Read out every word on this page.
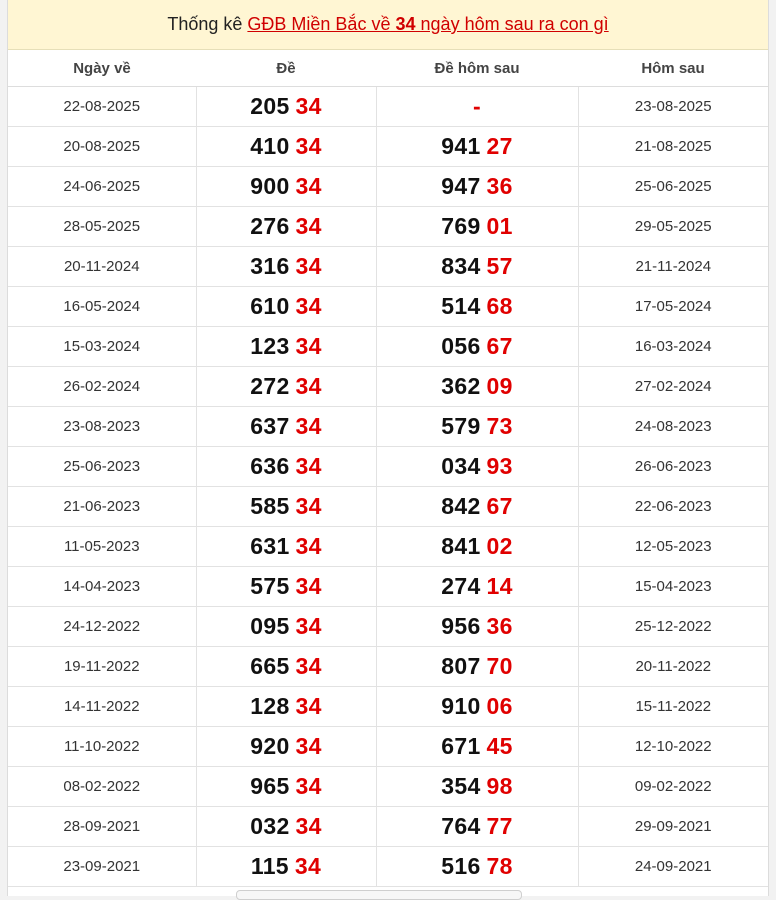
Thống kê GĐB Miền Bắc về 34 ngày hôm sau ra con gì
Ngày về	Đề	Đề hôm sau	Hôm sau
22-08-2025	205 34	-	23-08-2025
20-08-2025	410 34	941 27	21-08-2025
24-06-2025	900 34	947 36	25-06-2025
28-05-2025	276 34	769 01	29-05-2025
20-11-2024	316 34	834 57	21-11-2024
16-05-2024	610 34	514 68	17-05-2024
15-03-2024	123 34	056 67	16-03-2024
26-02-2024	272 34	362 09	27-02-2024
23-08-2023	637 34	579 73	24-08-2023
25-06-2023	636 34	034 93	26-06-2023
21-06-2023	585 34	842 67	22-06-2023
11-05-2023	631 34	841 02	12-05-2023
14-04-2023	575 34	274 14	15-04-2023
24-12-2022	095 34	956 36	25-12-2022
19-11-2022	665 34	807 70	20-11-2022
14-11-2022	128 34	910 06	15-11-2022
11-10-2022	920 34	671 45	12-10-2022
08-02-2022	965 34	354 98	09-02-2022
28-09-2021	032 34	764 77	29-09-2021
23-09-2021	115 34	516 78	24-09-2021
